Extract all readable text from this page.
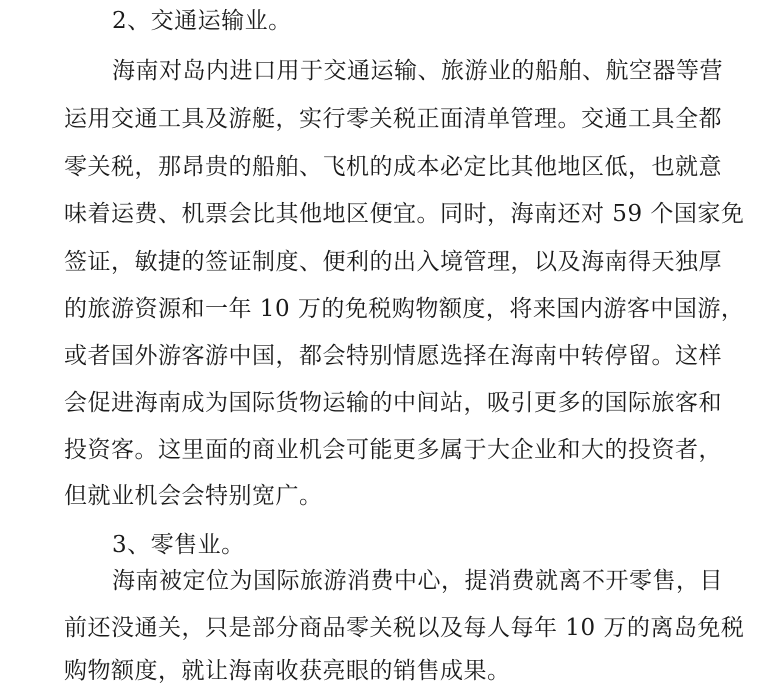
2、交通运输业。
海南对岛内进口用于交通运输、旅游业的船舶、航空器等营
运用交通工具及游艇，实行零关税正面清单管理。交通工具全都
零关税，那昂贵的船舶、飞机的成本必定比其他地区低，也就意
味着运费、机票会比其他地区便宜。同时，海南还对 59 个国家免
签证，敏捷的签证制度、便利的出入境管理，以及海南得天独厚
的旅游资源和一年 10 万的免税购物额度，将来国内游客中国游，
或者国外游客游中国，都会特别情愿选择在海南中转停留。这样
会促进海南成为国际货物运输的中间站，吸引更多的国际旅客和
投资客。这里面的商业机会可能更多属于大企业和大的投资者，
但就业机会会特别宽广。
3、零售业。
海南被定位为国际旅游消费中心，提消费就离不开零售，目
前还没通关，只是部分商品零关税以及每人每年 10 万的离岛免税
购物额度，就让海南收获亮眼的销售成果。
